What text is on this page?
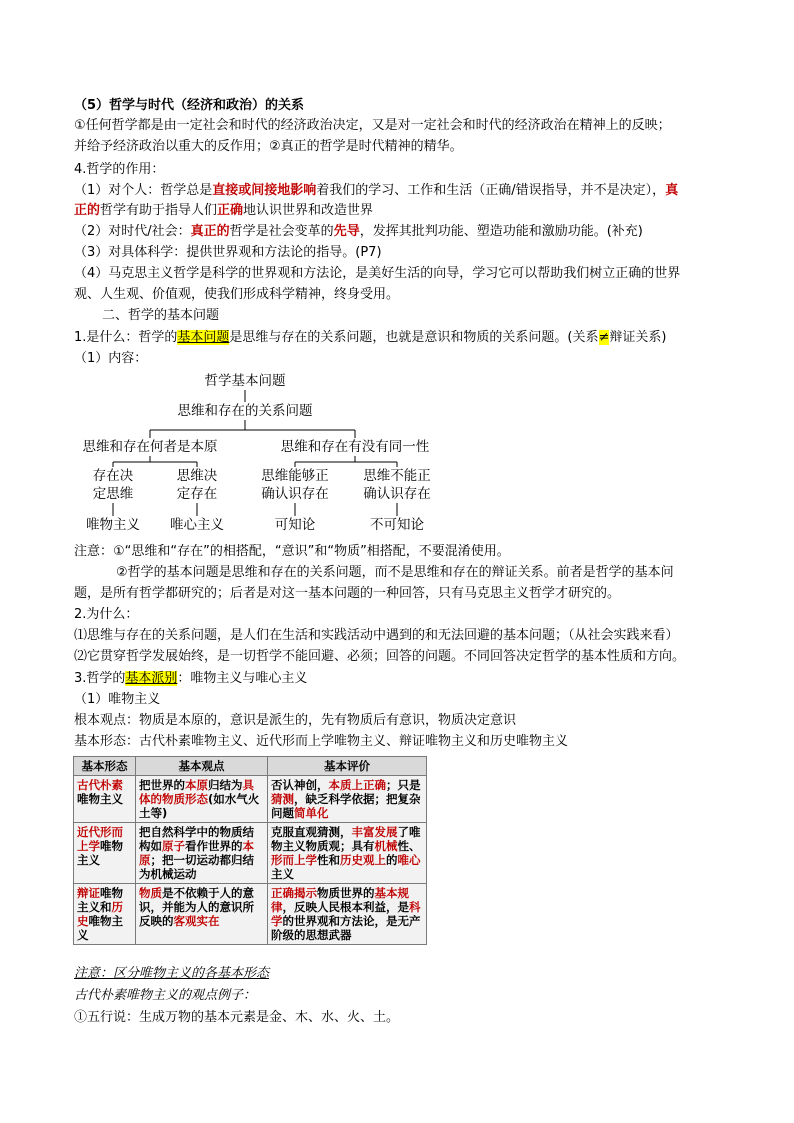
（5）哲学与时代（经济和政治）的关系
①任何哲学都是由一定社会和时代的经济政治决定，又是对一定社会和时代的经济政治在精神上的反映；
并给予经济政治以重大的反作用；②真正的哲学是时代精神的精华。
4.哲学的作用：
（1）对个人：哲学总是直接或间接地影响着我们的学习、工作和生活（正确/错误指导，并不是决定），真
正的哲学有助于指导人们正确地认识世界和改造世界
（2）对时代/社会：真正的哲学是社会变革的先导，发挥其批判功能、塑造功能和激励功能。(补充)
（3）对具体科学：提供世界观和方法论的指导。(P7)
（4）马克思主义哲学是科学的世界观和方法论，是美好生活的向导，学习它可以帮助我们树立正确的世界
观、人生观、价值观，使我们形成科学精神，终身受用。
二、哲学的基本问题
1.是什么：哲学的基本问题是思维与存在的关系问题，也就是意识和物质的关系问题。(关系≠辩证关系)
（1）内容：
哲学基本问题
思维和存在的关系问题
思维和存在何者是本原	思维和存在有没有同一性
存在决
定思维
思维决
定存在
思维能够正
确认识存在
思维不能正
确认识存在
唯物主义	唯心主义	可知论	不可知论
注意：①“思维和“存在”的相搭配，“意识”和“物质”相搭配，不要混淆使用。
②哲学的基本问题是思维和存在的关系问题，而不是思维和存在的辩证关系。前者是哲学的基本问
题，是所有哲学都研究的；后者是对这一基本问题的一种回答，只有马克思主义哲学才研究的。
2.为什么：
⑴思维与存在的关系问题，是人们在生活和实践活动中遇到的和无法回避的基本问题；（从社会实践来看）
⑵它贯穿哲学发展始终，是一切哲学不能回避、必须；回答的问题。不同回答决定哲学的基本性质和方向。
3.哲学的基本派别：唯物主义与唯心主义
（1）唯物主义
根本观点：物质是本原的，意识是派生的，先有物质后有意识，物质决定意识
基本形态：古代朴素唯物主义、近代形而上学唯物主义、辩证唯物主义和历史唯物主义
基本形态	基本观点	基本评价
古代朴素唯物主义	把世界的本原归结为具体的物质形态(如水气火土等)	否认神创，本质上正确；只是猜测，缺乏科学依据；把复杂问题简单化
近代形而上学唯物主义	把自然科学中的物质结构如原子看作世界的本原；把一切运动都归结为机械运动	克服直观猜测，丰富发展了唯物主义物质观；具有机械性、形而上学性和历史观上的唯心主义
辩证唯物主义和历史唯物主义	物质是不依赖于人的意识，并能为人的意识所反映的客观实在	正确揭示物质世界的基本规律，反映人民根本利益，是科学的世界观和方法论，是无产阶级的思想武器
注意：区分唯物主义的各基本形态
古代朴素唯物主义的观点例子：
①五行说：生成万物的基本元素是金、木、水、火、土。
